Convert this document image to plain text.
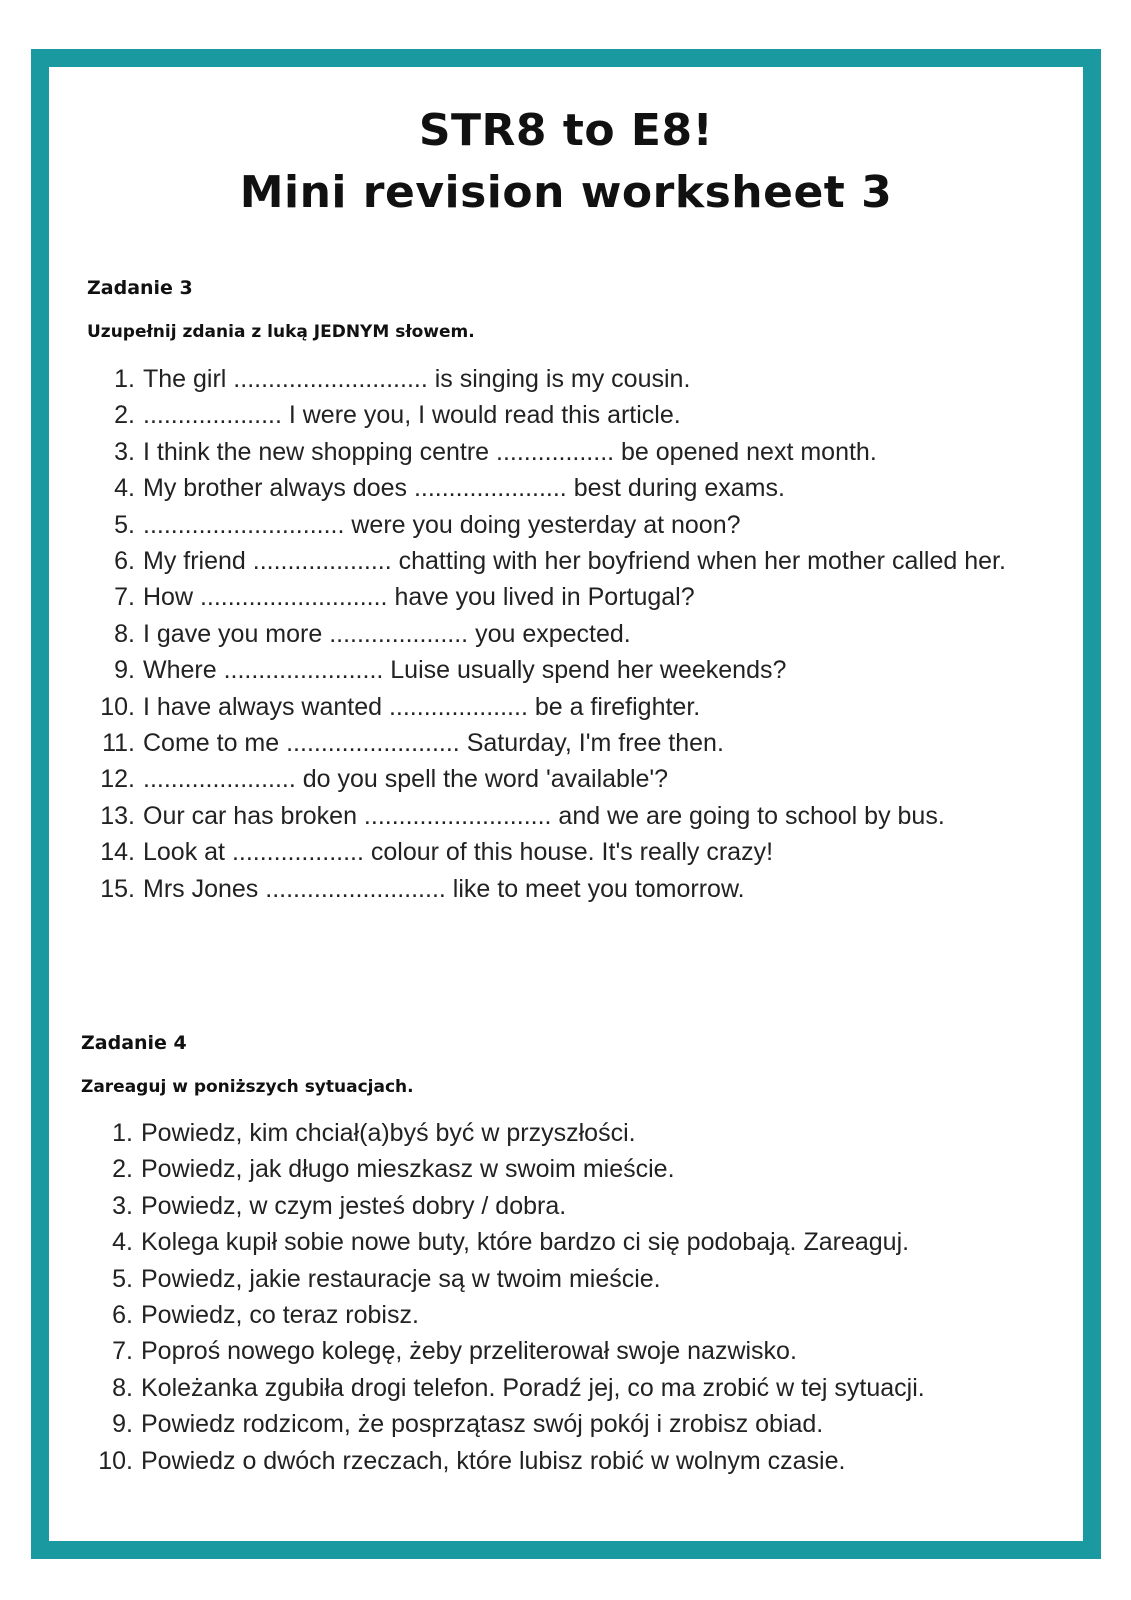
STR8 to E8!
Mini revision worksheet 3
Zadanie 3
Uzupełnij zdania z luką JEDNYM słowem.
1. The girl ............................ is singing is my cousin.
2. .................... I were you, I would read this article.
3. I think the new shopping centre ................. be opened next month.
4. My brother always does ...................... best during exams.
5. ............................. were you doing yesterday at noon?
6. My friend .................... chatting with her boyfriend when her mother called her.
7. How ........................... have you lived in Portugal?
8. I gave you more .................... you expected.
9. Where ....................... Luise usually spend her weekends?
10. I have always wanted .................... be a firefighter.
11. Come to me ......................... Saturday, I'm free then.
12. ...................... do you spell the word 'available'?
13. Our car has broken ........................... and we are going to school by bus.
14. Look at ................... colour of this house. It's really crazy!
15. Mrs Jones .......................... like to meet you tomorrow.
Zadanie 4
Zareaguj w poniższych sytuacjach.
1. Powiedz, kim chciał(a)byś być w przyszłości.
2. Powiedz, jak długo mieszkasz w swoim mieście.
3. Powiedz, w czym jesteś dobry / dobra.
4. Kolega kupił sobie nowe buty, które bardzo ci się podobają. Zareaguj.
5. Powiedz, jakie restauracje są w twoim mieście.
6. Powiedz, co teraz robisz.
7. Poproś nowego kolegę, żeby przeliterował swoje nazwisko.
8. Koleżanka zgubiła drogi telefon. Poradź jej, co ma zrobić w tej sytuacji.
9. Powiedz rodzicom, że posprzątasz swój pokój i zrobisz obiad.
10. Powiedz o dwóch rzeczach, które lubisz robić w wolnym czasie.
